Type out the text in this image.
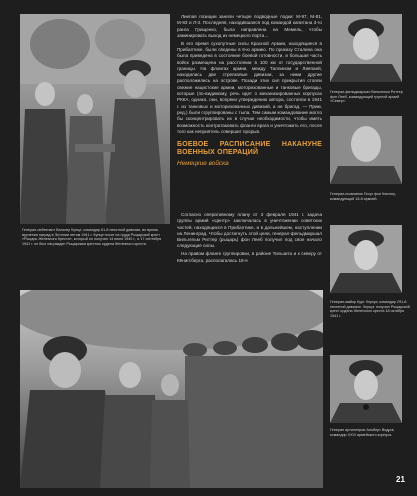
Генерал-лейтенант Вальтер Кунце, командир 61-й пехотной дивизии, во время вручения наград в Эстонии летом 1941 г. Кунце носит на груди Рыцарский крест «Рыцарь Железного Креста», который он получил 14 июня 1940 г., и 17 сентября 1941 г. он был награжден Рыцарским крестом ордена Железного креста.

Лиепая позиции заняли четыре подводные лодки: М-97, М-81, М-83 и Л-3. Последняя, находившаяся под командой капитана 3-го ранга Грищенко, была направлена на Мемель, чтобы заминировать выход из немецкого порта…

В его время сухопутные силы Красной Армии, находящиеся в Прибалтике, были сведены в 8-ю армию. По приказу Сталина она была приведена в состояние боевой готовности, и большая часть войск размещена на расстоянии в 100 км от государственной границы. На флангах армии, между Таллином и Лиепаей, находились две стрелковые дивизии, за ними другие расположились на острове. Позади этих сил прикрытия стояли свежие нацистские армии, моторизованные и танковые бригады, которые (по-видимому, речь идет о механизированных корпусах РККА, однако, они, вопреки утверждению автора, состояли в 1941 г. из танковых и моторизованных дивизий, а не бригад. — Прим. ред.) были сгруппированы с тыла. Тем самым командование могло бы сконцентрировать их в случае необходимости, чтобы иметь возможность контратаковать фланги врага и уничтожить его, после того как неприятель совершит прорыв.

БОЕВОЕ РАСПИСАНИЕ НАКАНУНЕ ВОЕННЫХ ОПЕРАЦИЙ

Немецкие войска

Согласно оперативному плану от 3 февраля 1941 г. задача группы армий «Центр» заключалась в уничтожении советских частей, находящихся в Прибалтике, и в дальнейшем, наступлении на Ленинград. Чтобы достигнуть этой цели, генерал-фельдмаршал Вильгельм Риттер (рыцарь) фон Лееб получил под свое начало следующие силы.

На правом фланге группировки, в районе Тильзита и к северу от Кёнигсберга, располагалась 18-я

Генерал-фельдмаршал Вильгельм Риттер фон Лееб, командующий группой армий «Север».
Генерал-полковник Георг фон Кюхлер, командующий 18-й армией.
Генерал-майор Курт Херцог, командир 291-й пехотной дивизии. Херцог получил Рыцарский крест ордена Железного креста 18 октября 1941 г.
Генерал артиллерии Альберт Водриг, командир XXVI армейского корпуса.
21
